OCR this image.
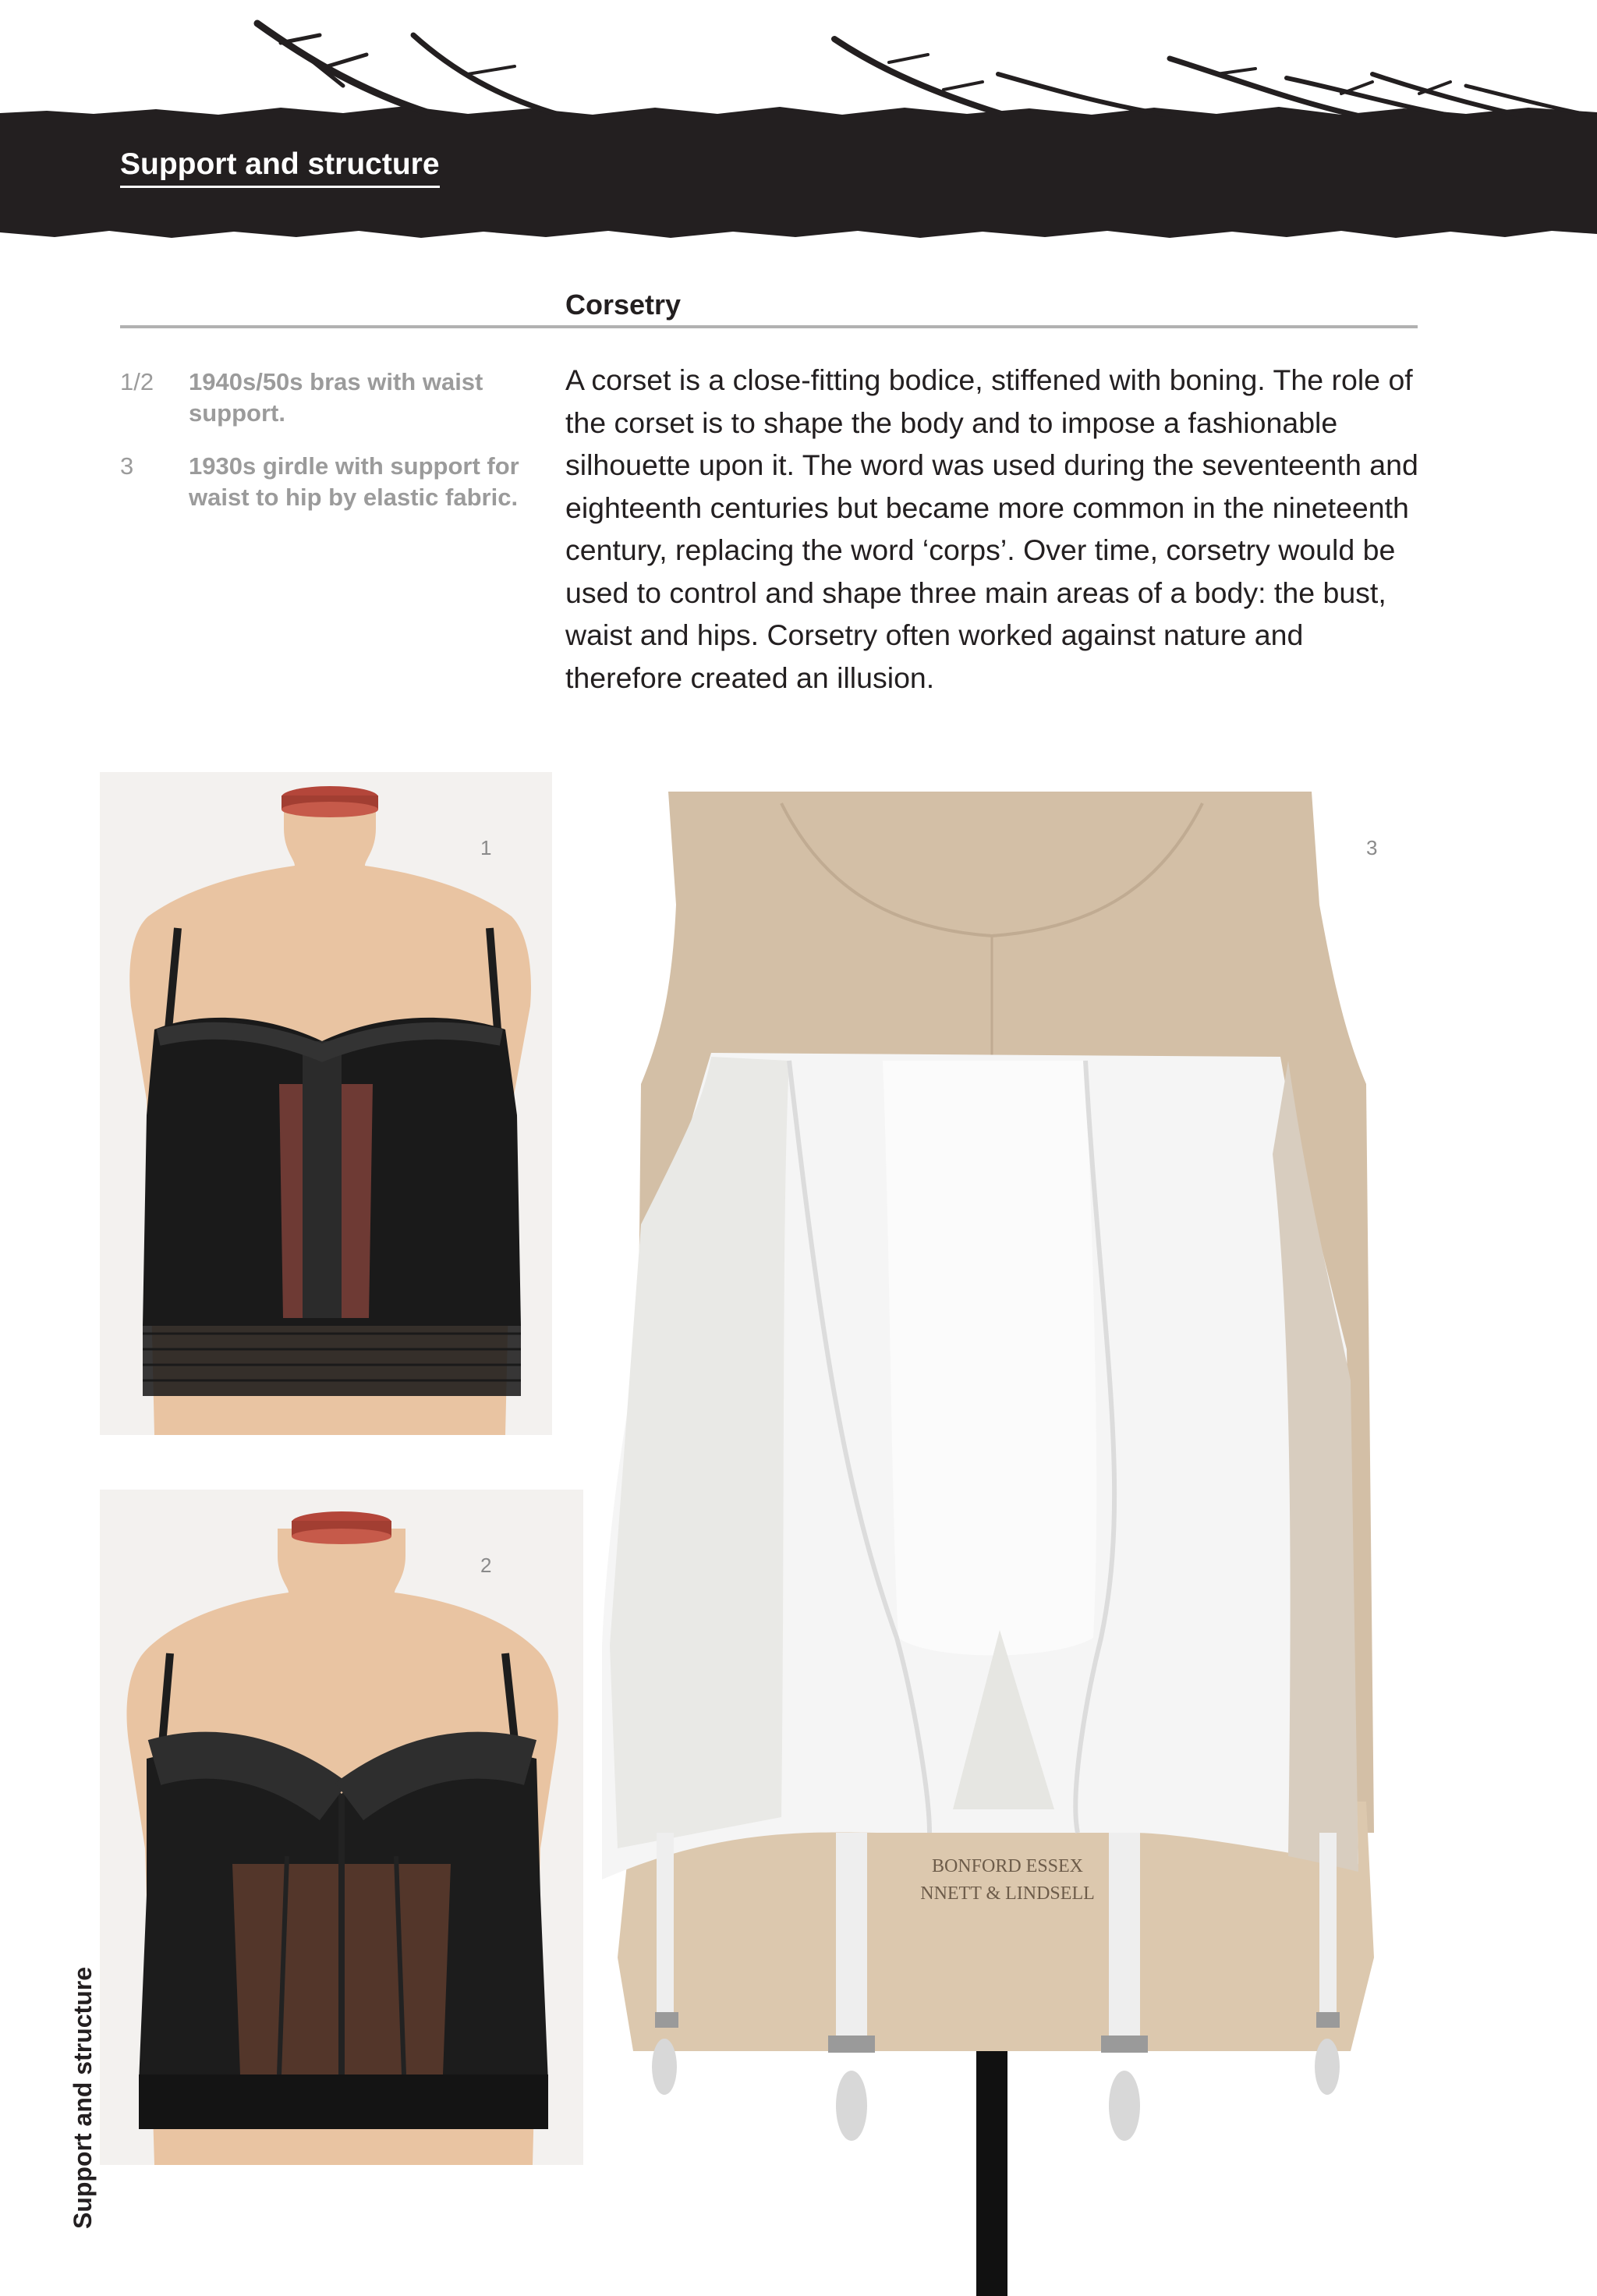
Support and structure
Corsetry
1/2 1940s/50s bras with waist support.
3 1930s girdle with support for waist to hip by elastic fabric.

A corset is a close-fitting bodice, stiffened with boning. The role of the corset is to shape the body and to impose a fashionable silhouette upon it. The word was used during the seventeenth and eighteenth centuries but became more common in the nineteenth century, replacing the word ‘corps’. Over time, corsetry would be used to control and shape three main areas of a body: the bust, waist and hips. Corsetry often worked against nature and therefore created an illusion.

1
2
BONFORD ESSEX
NNETT & LINDSELL
3
Support and structure
